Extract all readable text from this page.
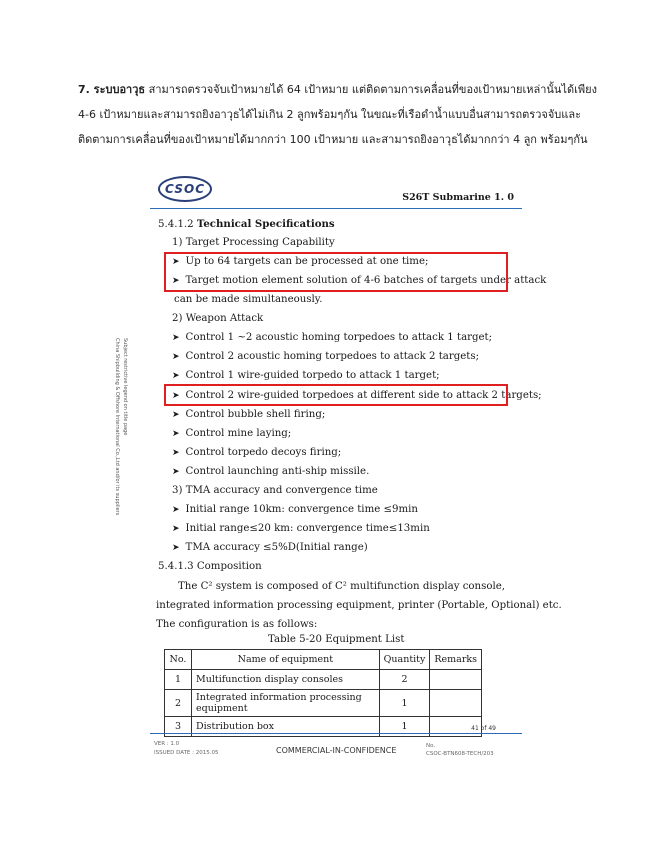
7. ระบบอาวุธ สามารถตรวจจับเป้าหมายได้ 64 เป้าหมาย แต่ติดตามการเคลื่อนที่ของเป้าหมายเหล่านั้นได้เพียง
4-6 เป้าหมายและสามารถยิงอาวุธได้ไม่เกิน 2 ลูกพร้อมๆกัน ในขณะที่เรือดำน้ำแบบอื่นสามารถตรวจจับและ
ติดตามการเคลื่อนที่ของเป้าหมายได้มากกว่า 100 เป้าหมาย และสามารถยิงอาวุธได้มากกว่า 4 ลูก พร้อมๆกัน
CSOC
S26T Submarine 1. 0
5.4.1.2 Technical Specifications
1) Target Processing Capability
➤ Up to 64 targets can be processed at one time;
➤ Target motion element solution of 4-6 batches of targets under attack
can be made simultaneously.
2) Weapon Attack
➤ Control 1 ~2 acoustic homing torpedoes to attack 1 target;
➤ Control 2 acoustic homing torpedoes to attack 2 targets;
➤ Control 1 wire-guided torpedo to attack 1 target;
➤ Control 2 wire-guided torpedoes at different side to attack 2 targets;
➤ Control bubble shell firing;
➤ Control mine laying;
➤ Control torpedo decoys firing;
➤ Control launching anti-ship missile.
3) TMA accuracy and convergence time
➤ Initial range 10km: convergence time ≤9min
➤ Initial range≤20 km: convergence time≤13min
➤ TMA accuracy ≤5%D(Initial range)
5.4.1.3 Composition
The C² system is composed of C² multifunction display console,
integrated information processing equipment, printer (Portable, Optional) etc.
The configuration is as follows:
Table 5-20 Equipment List
No.	Name of equipment	Quantity	Remarks
1	Multifunction display consoles	2	
2	Integrated information processing equipment	1	
3	Distribution box	1	
China Shipbuilding & Offshore International Co.,Ltd and/or its suppliers Subject restrictive legend on title page
41 of 49
VER : 1.0
ISSUED DATE : 2015.05	COMMERCIAL-IN-CONFIDENCE	No.
CSOC-BTN608-TECH/203
